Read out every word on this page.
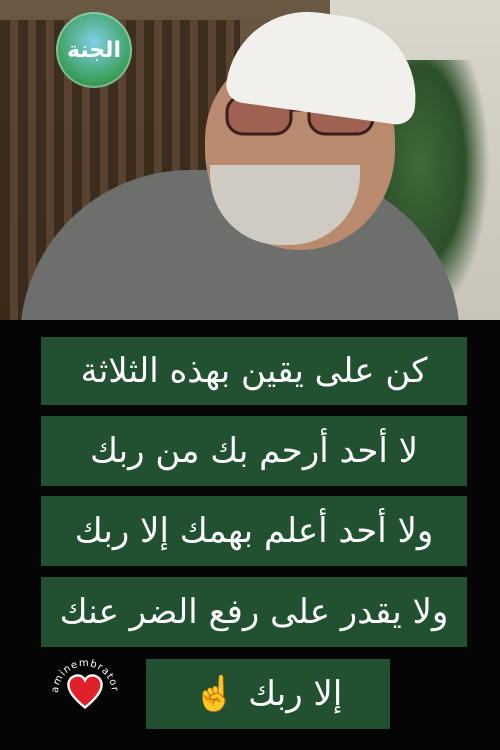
الجنة
كن على يقين بهذه الثلاثة
لا أحد أرحم بك من ربك
ولا أحد أعلم بهمك إلا ربك
ولا يقدر على رفع الضر عنك
إلا ربك
☝
aminembrator
